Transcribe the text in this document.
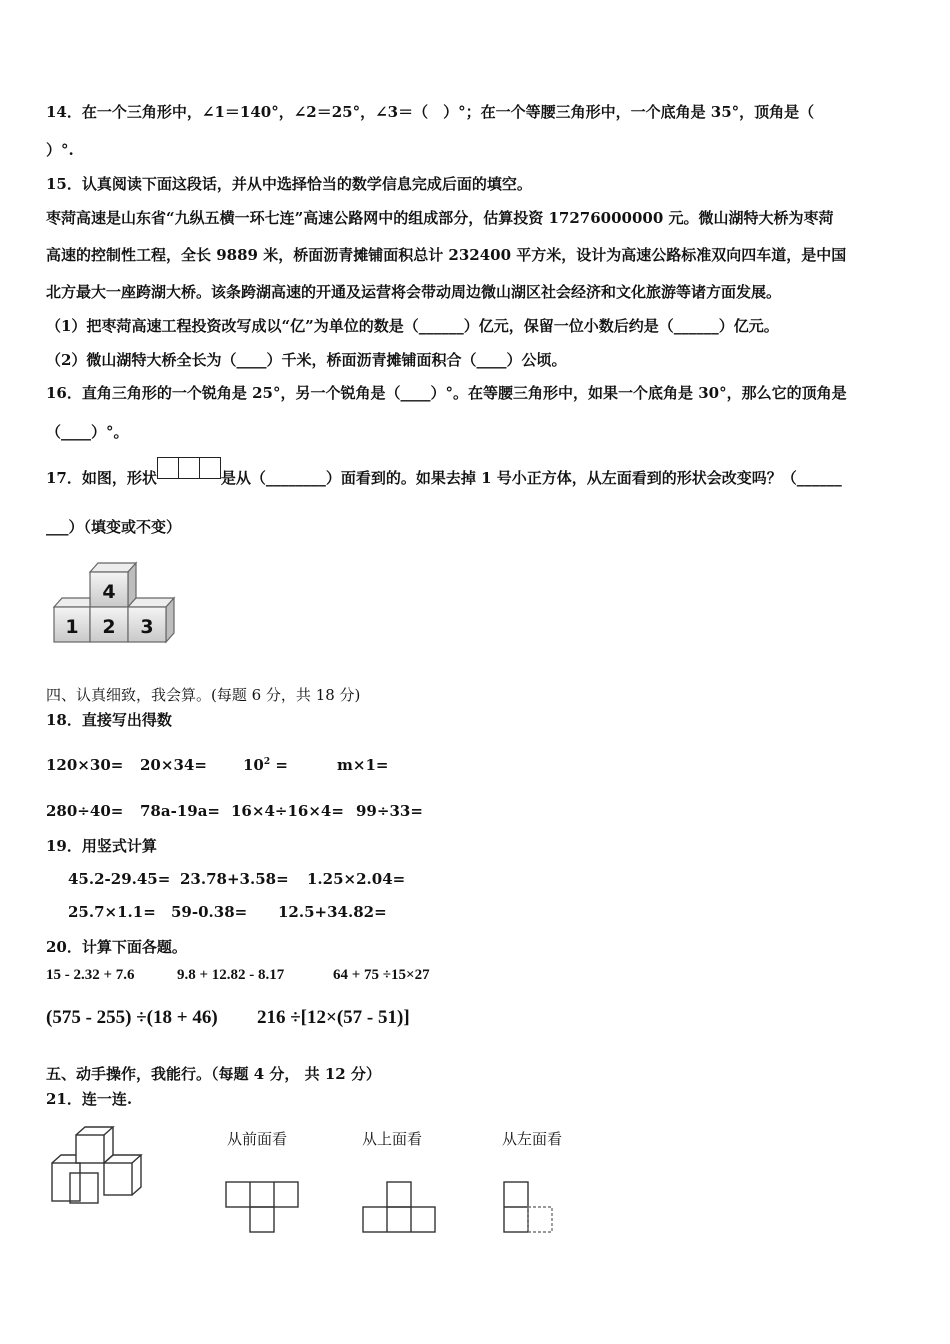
14．在一个三角形中，∠1＝140°，∠2＝25°，∠3＝（　）°；在一个等腰三角形中，一个底角是 35°，顶角是（
）°.
15．认真阅读下面这段话，并从中选择恰当的数学信息完成后面的填空。
枣菏高速是山东省“九纵五横一环七连”高速公路网中的组成部分，估算投资 17276000000 元。微山湖特大桥为枣菏
高速的控制性工程，全长 9889 米，桥面沥青摊铺面积总计 232400 平方米，设计为高速公路标准双向四车道，是中国
北方最大一座跨湖大桥。该条跨湖高速的开通及运营将会带动周边微山湖区社会经济和文化旅游等诸方面发展。
（1）把枣菏高速工程投资改写成以“亿”为单位的数是（______）亿元，保留一位小数后约是（______）亿元。
（2）微山湖特大桥全长为（____）千米，桥面沥青摊铺面积合（____）公顷。
16．直角三角形的一个锐角是 25°，另一个锐角是（____）°。在等腰三角形中，如果一个底角是 30°，那么它的顶角是
（____）°。
17．如图，形状	是从（________）面看到的。如果去掉 1 号小正方体，从左面看到的形状会改变吗？（______
___）（填变或不变）
1 2 3
4
四、认真细致，我会算。(每题 6 分，共 18 分)
18．直接写出得数
$120\times 30= 20\times 34= 10^2$ =	m×1=
280÷40= 78a-19a= 16×4÷16×4= 99÷33=
19．用竖式计算
45.2-29.45= 23.78+3.58= 1.25×2.04=
25.7×1.1= 59-0.38= 12.5+34.82=
20．计算下面各题。
15 - 2.32 + 7.6	9.8 + 12.82 - 8.17	64 + 75 ÷15×27
(575 - 255) ÷(18 + 46) 216 ÷[12×(57 - 51)]
五、动手操作，我能行。（每题 4 分， 共 12 分）
21．连一连.
从前面看	从上面看	从左面看
